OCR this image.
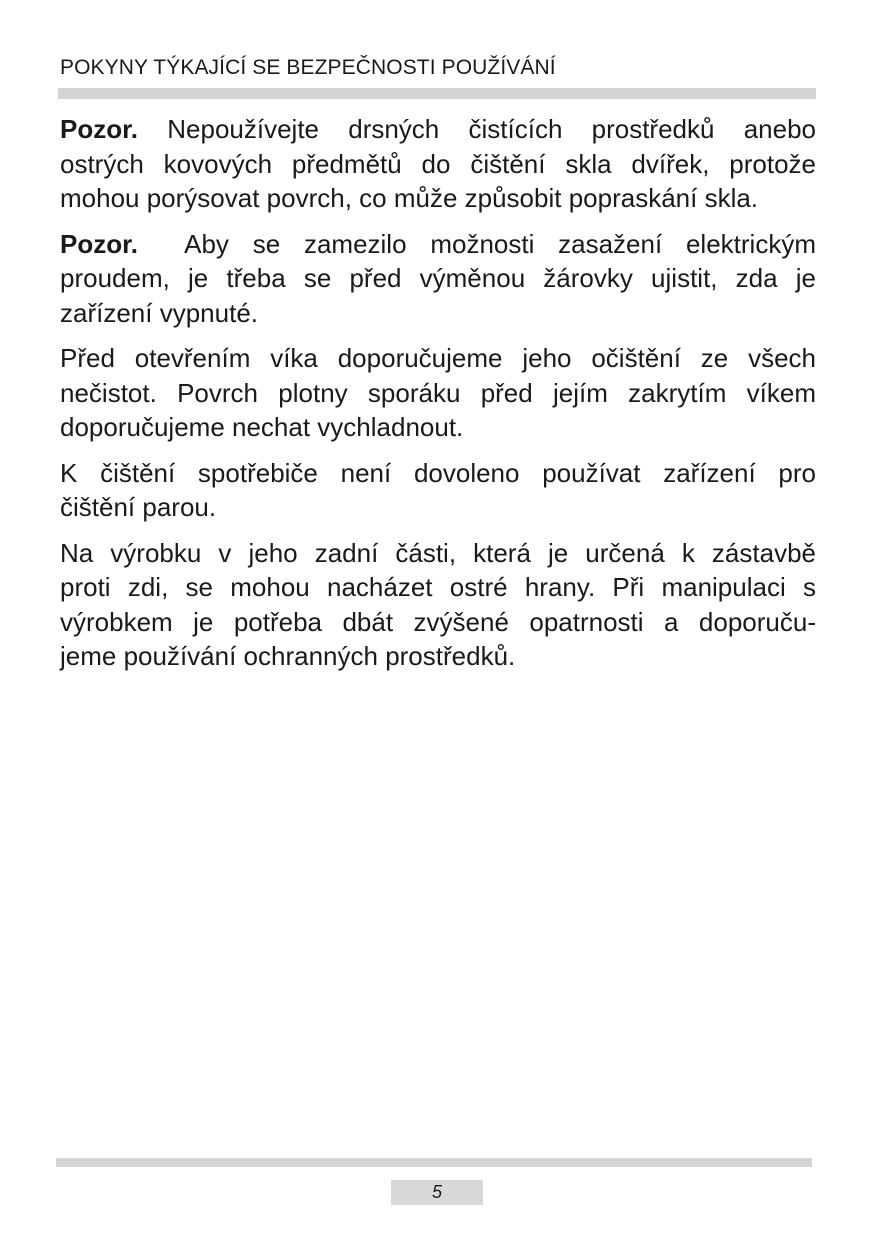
POKYNY TÝKAJÍCÍ SE BEZPEČNOSTI POUŽÍVÁNÍ

Pozor. Nepoužívejte drsných čistících prostředků anebo
ostrých kovových předmětů do čištění skla dvířek, protože
mohou porýsovat povrch, co může způsobit popraskání skla.

Pozor.  Aby se zamezilo možnosti zasažení elektrickým
proudem, je třeba se před výměnou žárovky ujistit, zda je
zařízení vypnuté.

Před otevřením víka doporučujeme jeho očištění ze všech
nečistot. Povrch plotny sporáku před jejím zakrytím víkem
doporučujeme nechat vychladnout.

K čištění spotřebiče není dovoleno používat zařízení pro
čištění parou.

Na výrobku v jeho zadní části, která je určená k zástavbě
proti zdi, se mohou nacházet ostré hrany. Při manipulaci s
výrobkem je potřeba dbát zvýšené opatrnosti a doporuču-
jeme používání ochranných prostředků.

5
